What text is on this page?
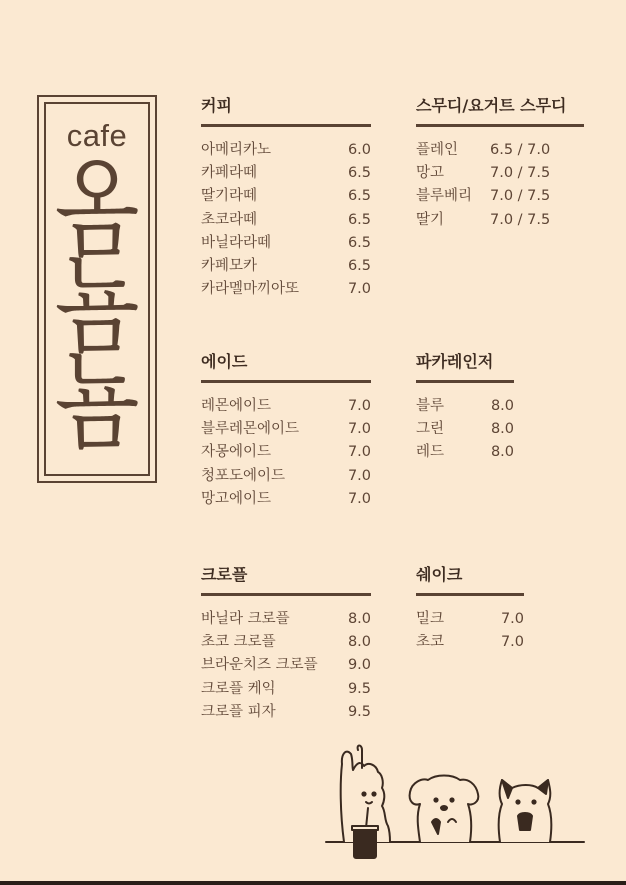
cafe
옴
뇸
뇸
커피
아메리카노	6.0
카페라떼	6.5
딸기라떼	6.5
초코라떼	6.5
바닐라라떼	6.5
카페모카	6.5
카라멜마끼아또	7.0
스무디/요거트 스무디
플레인	6.5 / 7.0
망고	7.0 / 7.5
블루베리	7.0 / 7.5
딸기	7.0 / 7.5
에이드
레몬에이드	7.0
블루레몬에이드	7.0
자몽에이드	7.0
청포도에이드	7.0
망고에이드	7.0
파카레인저
블루	8.0
그린	8.0
레드	8.0
크로플
바닐라 크로플	8.0
초코 크로플	8.0
브라운치즈 크로플 9.0
크로플 케익	9.5
크로플 피자	9.5
쉐이크
밀크	7.0
초코	7.0
